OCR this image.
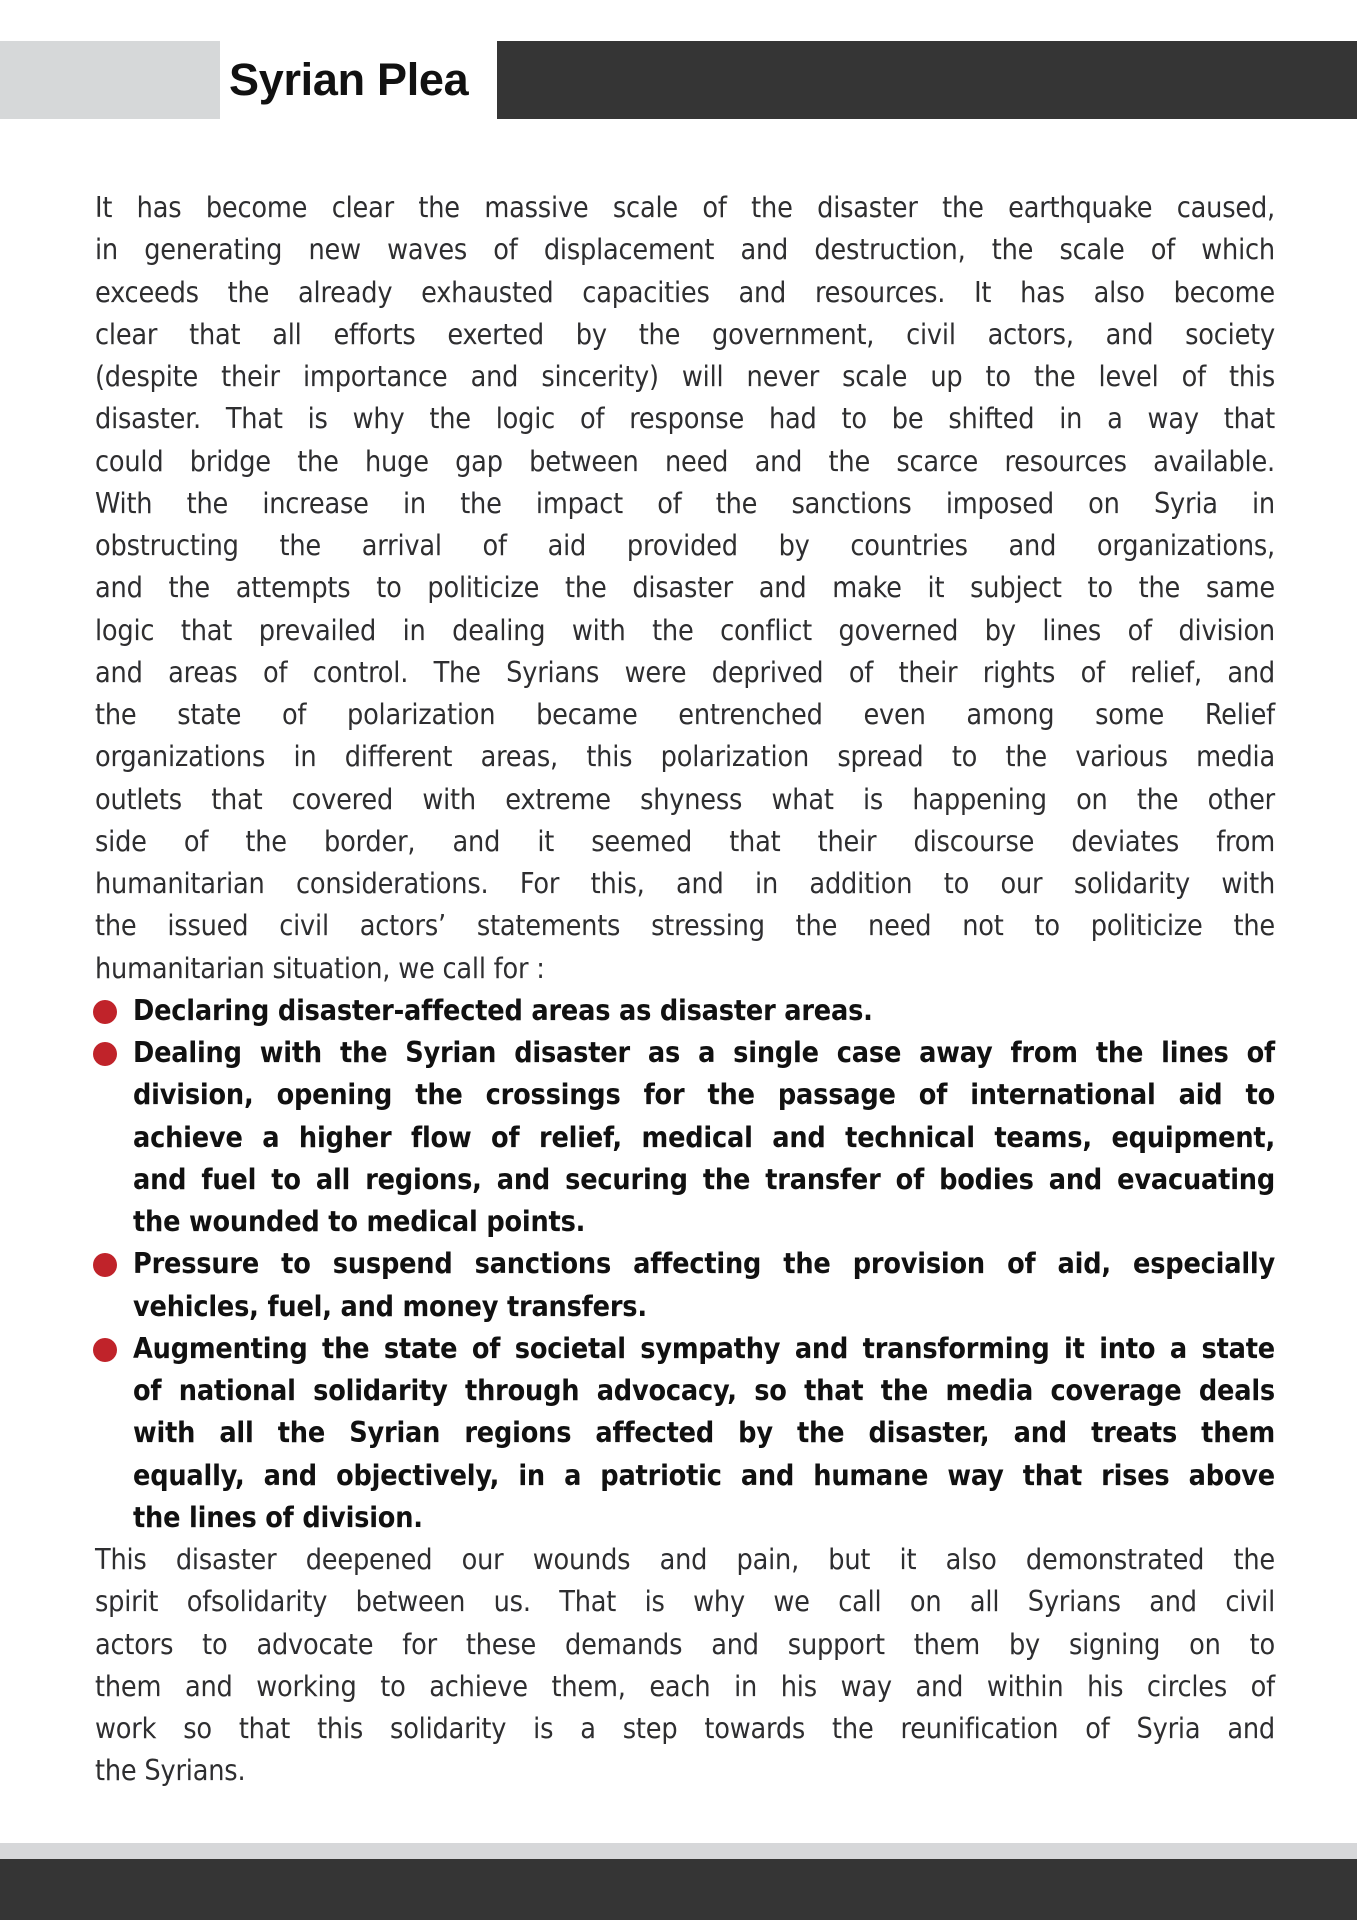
Syrian Plea
It has become clear the massive scale of the disaster the earthquake caused,
in generating new waves of displacement and destruction, the scale of which
exceeds the already exhausted capacities and resources. It has also become
clear that all efforts exerted by the government, civil actors, and society
(despite their importance and sincerity) will never scale up to the level of this
disaster. That is why the logic of response had to be shifted in a way that
could bridge the huge gap between need and the scarce resources available.
With the increase in the impact of the sanctions imposed on Syria in
obstructing the arrival of aid provided by countries and organizations,
and the attempts to politicize the disaster and make it subject to the same
logic that prevailed in dealing with the conflict governed by lines of division
and areas of control. The Syrians were deprived of their rights of relief, and
the state of polarization became entrenched even among some Relief
organizations in different areas, this polarization spread to the various media
outlets that covered with extreme shyness what is happening on the other
side of the border, and it seemed that their discourse deviates from
humanitarian considerations. For this, and in addition to our solidarity with
the issued civil actors’ statements stressing the need not to politicize the
humanitarian situation, we call for :
Declaring disaster-affected areas as disaster areas.
Dealing with the Syrian disaster as a single case away from the lines of
division, opening the crossings for the passage of international aid to
achieve a higher flow of relief, medical and technical teams, equipment,
and fuel to all regions, and securing the transfer of bodies and evacuating
the wounded to medical points.
Pressure to suspend sanctions affecting the provision of aid, especially
vehicles, fuel, and money transfers.
Augmenting the state of societal sympathy and transforming it into a state
of national solidarity through advocacy, so that the media coverage deals
with all the Syrian regions affected by the disaster, and treats them
equally, and objectively, in a patriotic and humane way that rises above
the lines of division.
This disaster deepened our wounds and pain, but it also demonstrated the
spirit ofsolidarity between us. That is why we call on all Syrians and civil
actors to advocate for these demands and support them by signing on to
them and working to achieve them, each in his way and within his circles of
work so that this solidarity is a step towards the reunification of Syria and
the Syrians.
